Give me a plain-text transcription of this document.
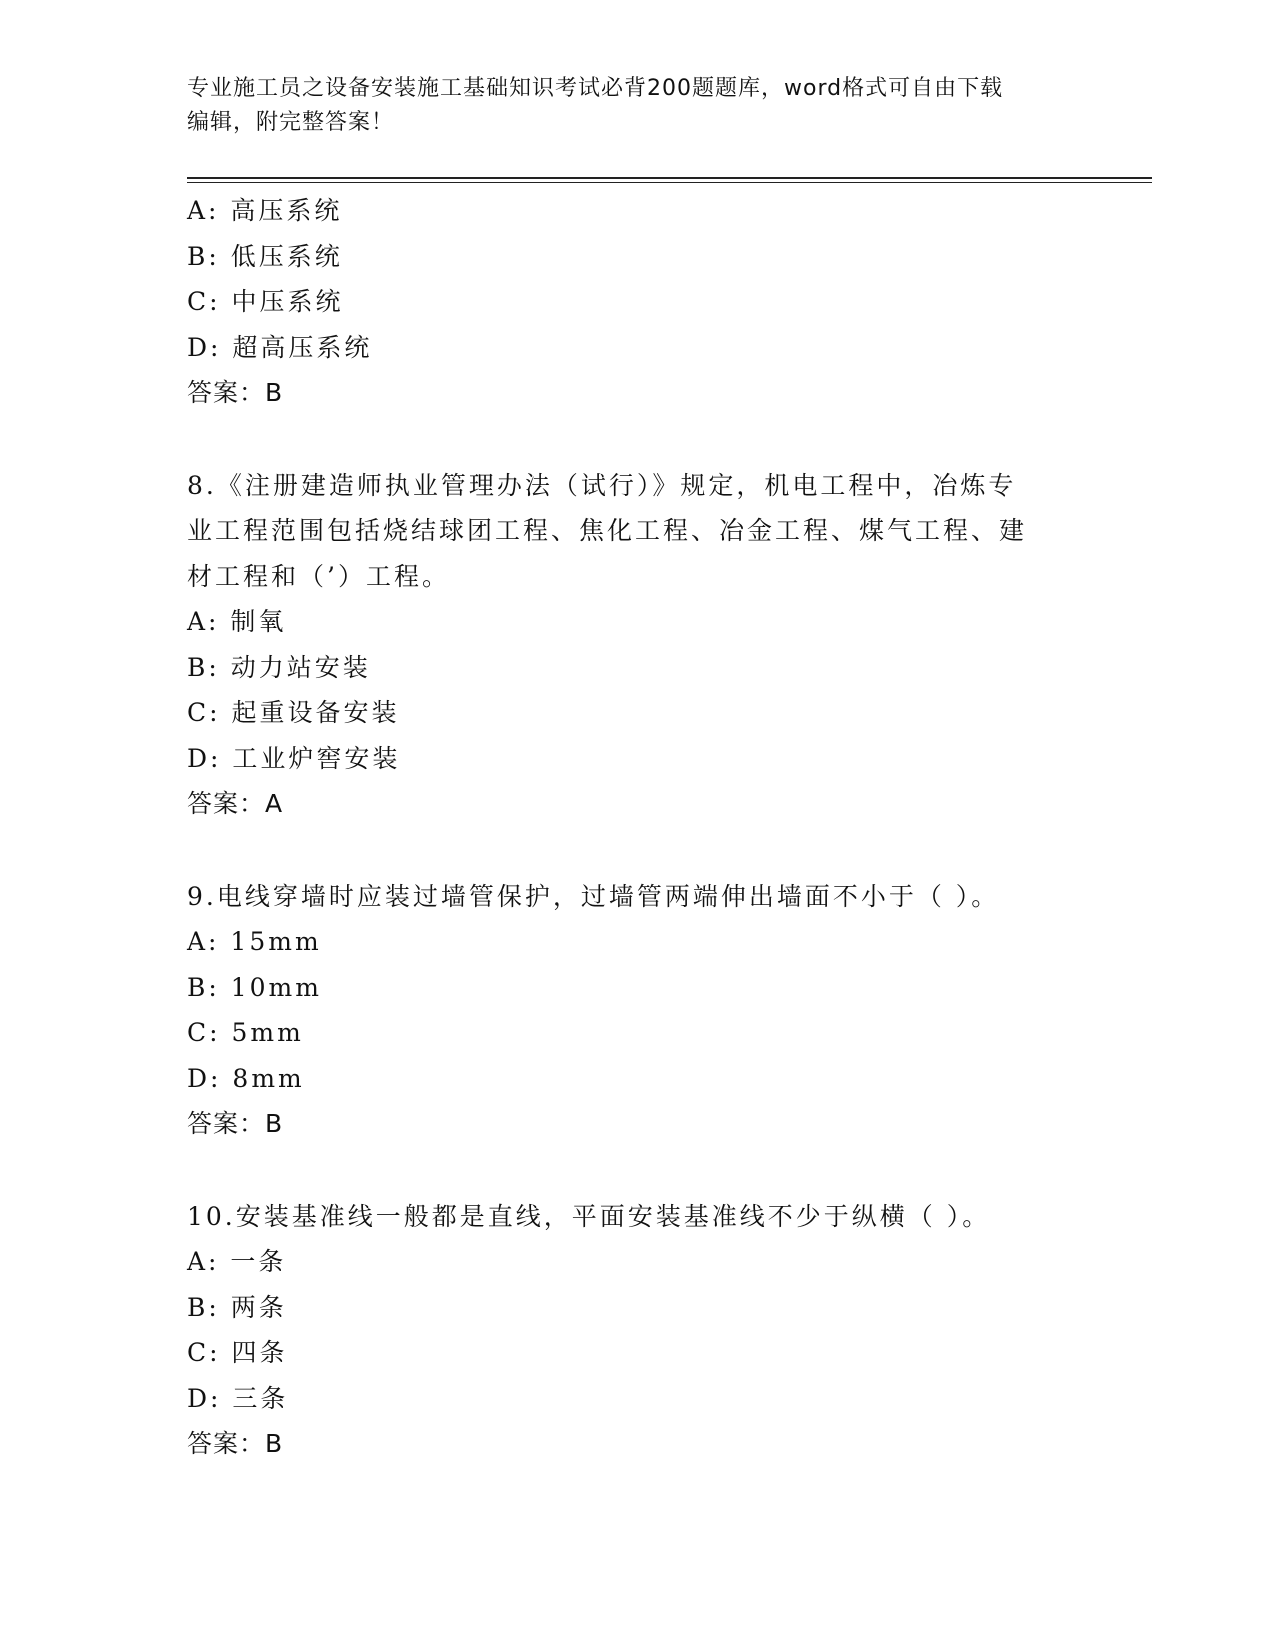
专业施工员之设备安装施工基础知识考试必背200题题库，word格式可自由下载
编辑，附完整答案！
A: 高压系统
B: 低压系统
C: 中压系统
D: 超高压系统
答案：B
8.《注册建造师执业管理办法（试行）》规定，机电工程中，冶炼专
业工程范围包括烧结球团工程、焦化工程、冶金工程、煤气工程、建
材工程和（’）工程。
A: 制氧
B: 动力站安装
C: 起重设备安装
D: 工业炉窖安装
答案：A
9.电线穿墙时应装过墙管保护，过墙管两端伸出墙面不小于（ ）。
A: 15mm
B: 10mm
C: 5mm
D: 8mm
答案：B
10.安装基准线一般都是直线，平面安装基准线不少于纵横（ ）。
A: 一条
B: 两条
C: 四条
D: 三条
答案：B
